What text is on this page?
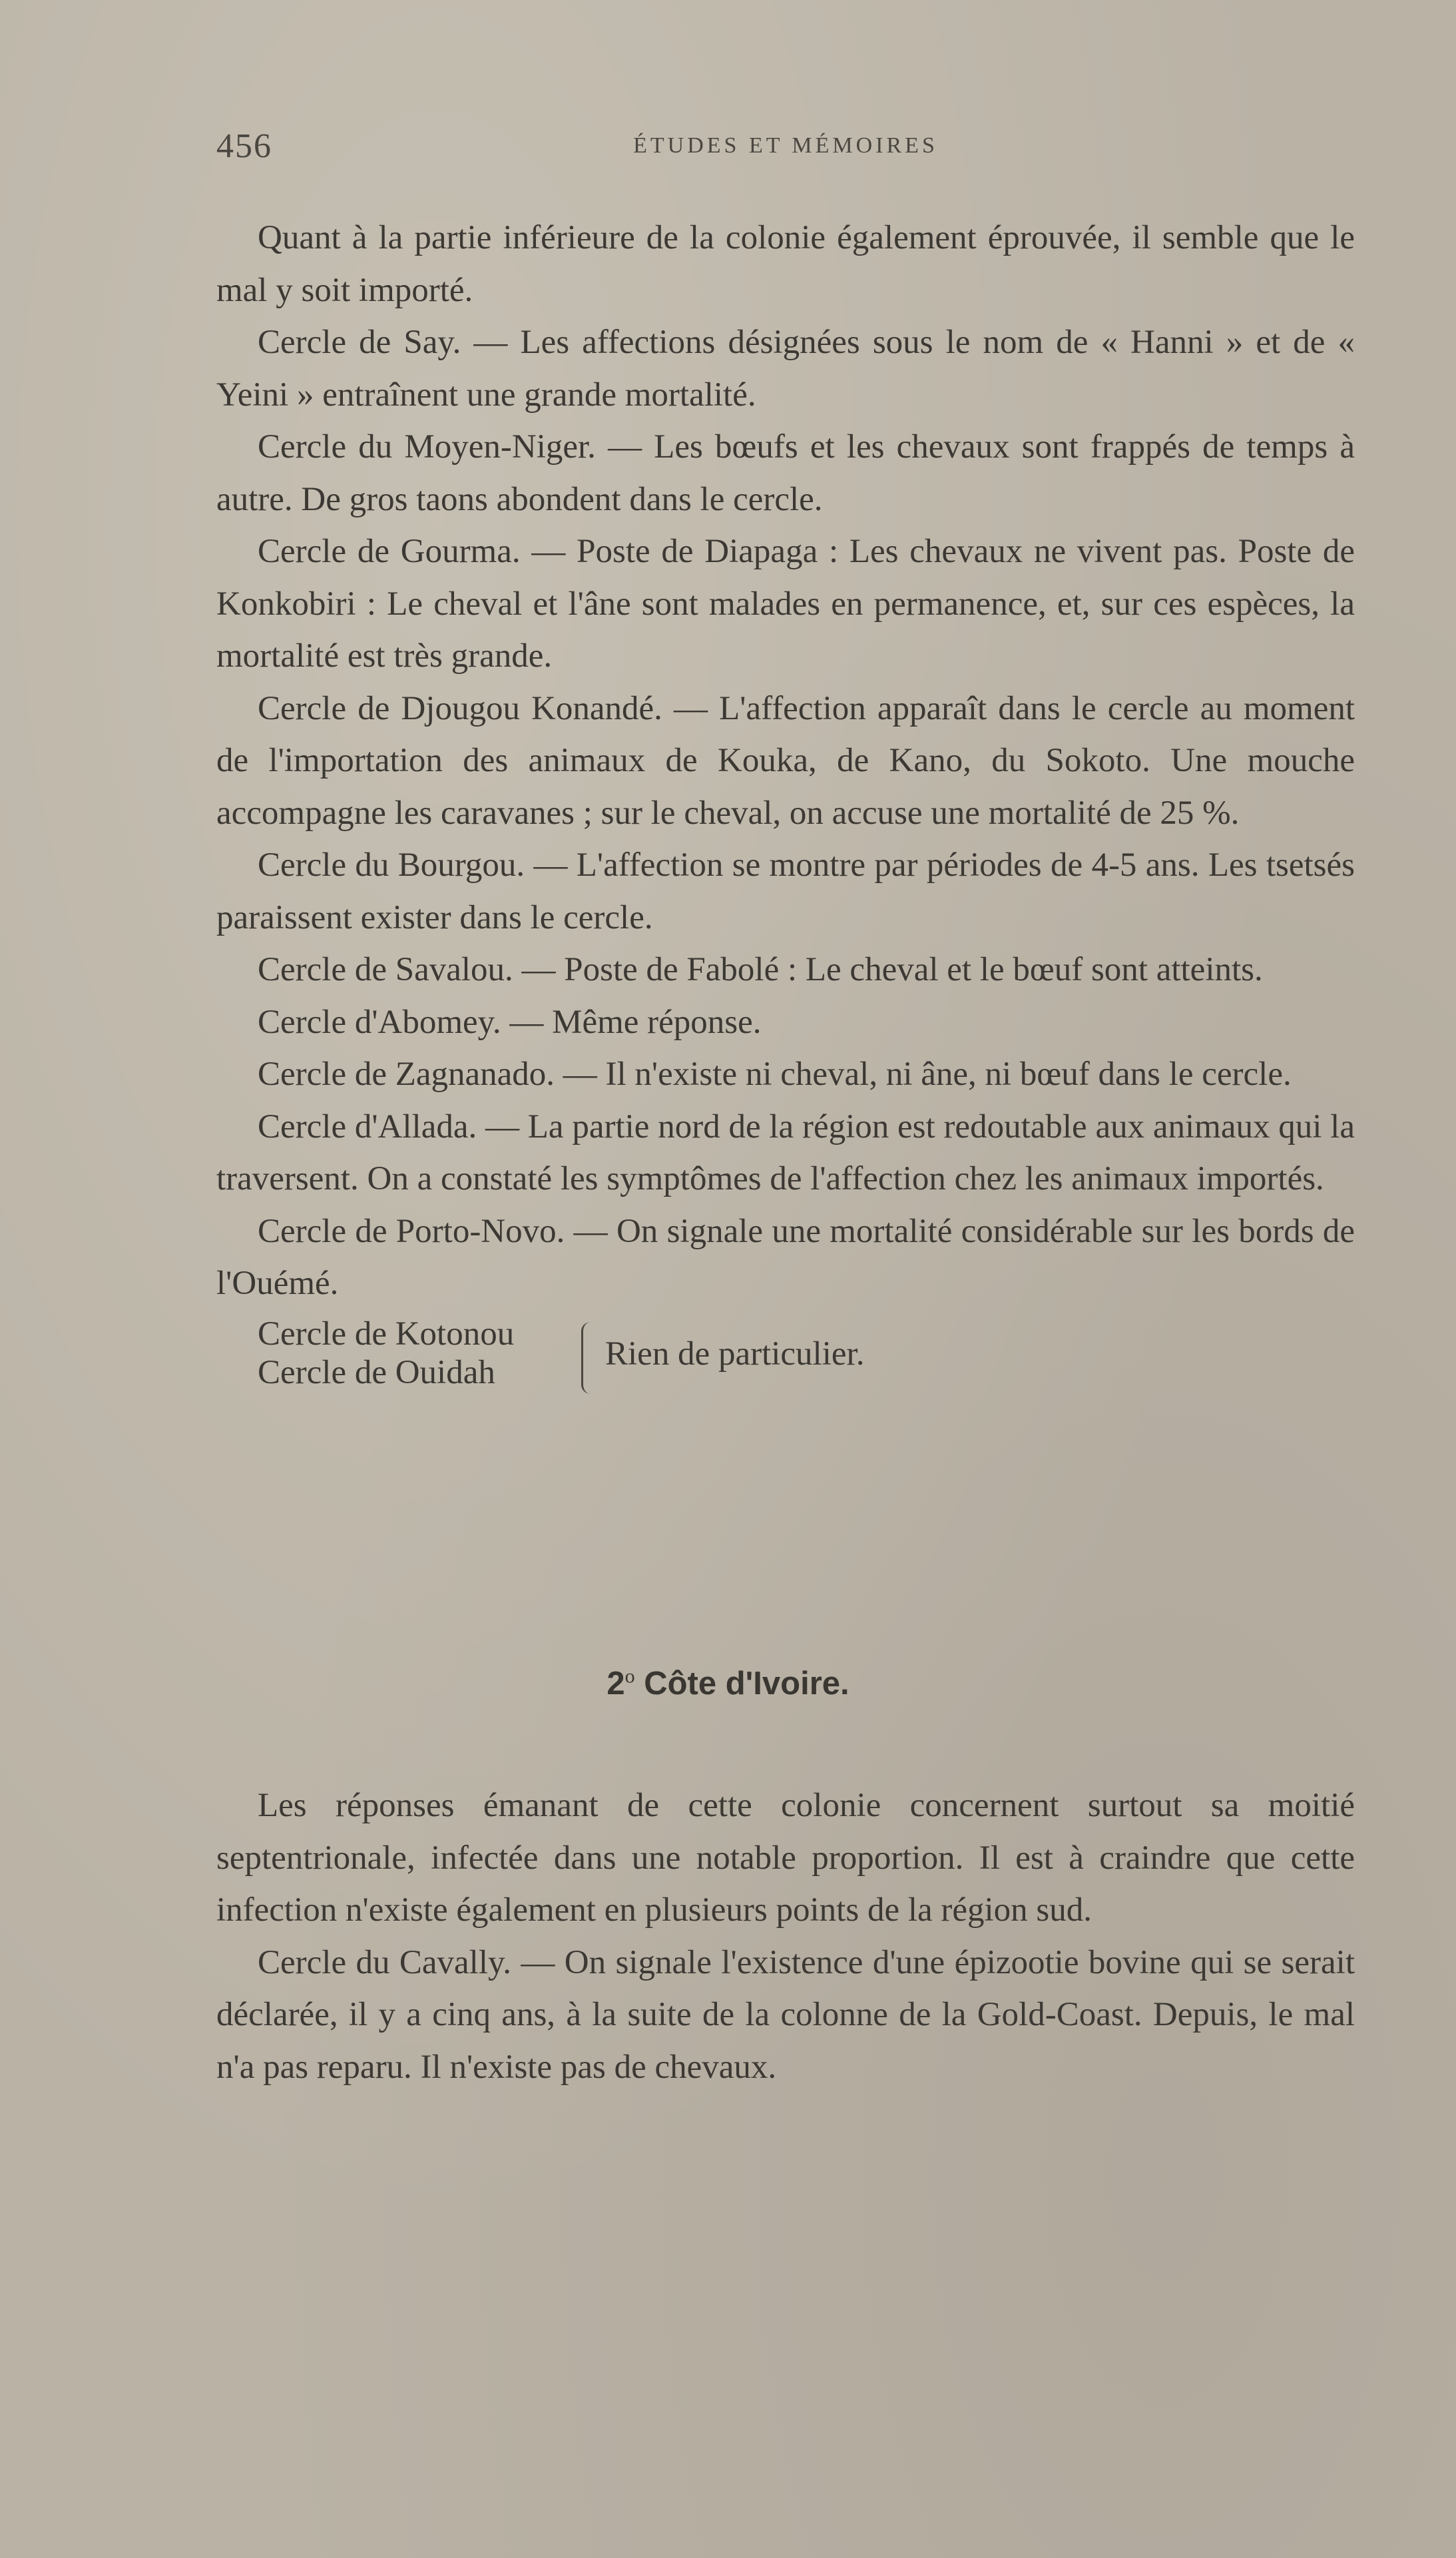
456	ÉTUDES ET MÉMOIRES

Quant à la partie inférieure de la colonie également éprouvée, il semble que le mal y soit importé.

Cercle de Say. — Les affections désignées sous le nom de « Hanni » et de « Yeini » entraînent une grande mortalité.

Cercle du Moyen-Niger. — Les bœufs et les chevaux sont frappés de temps à autre. De gros taons abondent dans le cercle.

Cercle de Gourma. — Poste de Diapaga : Les chevaux ne vivent pas. Poste de Konkobiri : Le cheval et l'âne sont malades en permanence, et, sur ces espèces, la mortalité est très grande.

Cercle de Djougou Konandé. — L'affection apparaît dans le cercle au moment de l'importation des animaux de Kouka, de Kano, du Sokoto. Une mouche accompagne les caravanes ; sur le cheval, on accuse une mortalité de 25 %.

Cercle du Bourgou. — L'affection se montre par périodes de 4-5 ans. Les tsetsés paraissent exister dans le cercle.

Cercle de Savalou. — Poste de Fabolé : Le cheval et le bœuf sont atteints.

Cercle d'Abomey. — Même réponse.

Cercle de Zagnanado. — Il n'existe ni cheval, ni âne, ni bœuf dans le cercle.

Cercle d'Allada. — La partie nord de la région est redoutable aux animaux qui la traversent. On a constaté les symptômes de l'affection chez les animaux importés.

Cercle de Porto-Novo. — On signale une mortalité considérable sur les bords de l'Ouémé.

Cercle de Kotonou
Cercle de Ouidah	Rien de particulier.
2$^o$ Côte d'Ivoire.

Les réponses émanant de cette colonie concernent surtout sa moitié septentrionale, infectée dans une notable proportion. Il est à craindre que cette infection n'existe également en plusieurs points de la région sud.

Cercle du Cavally. — On signale l'existence d'une épizootie bovine qui se serait déclarée, il y a cinq ans, à la suite de la colonne de la Gold-Coast. Depuis, le mal n'a pas reparu. Il n'existe pas de chevaux.
